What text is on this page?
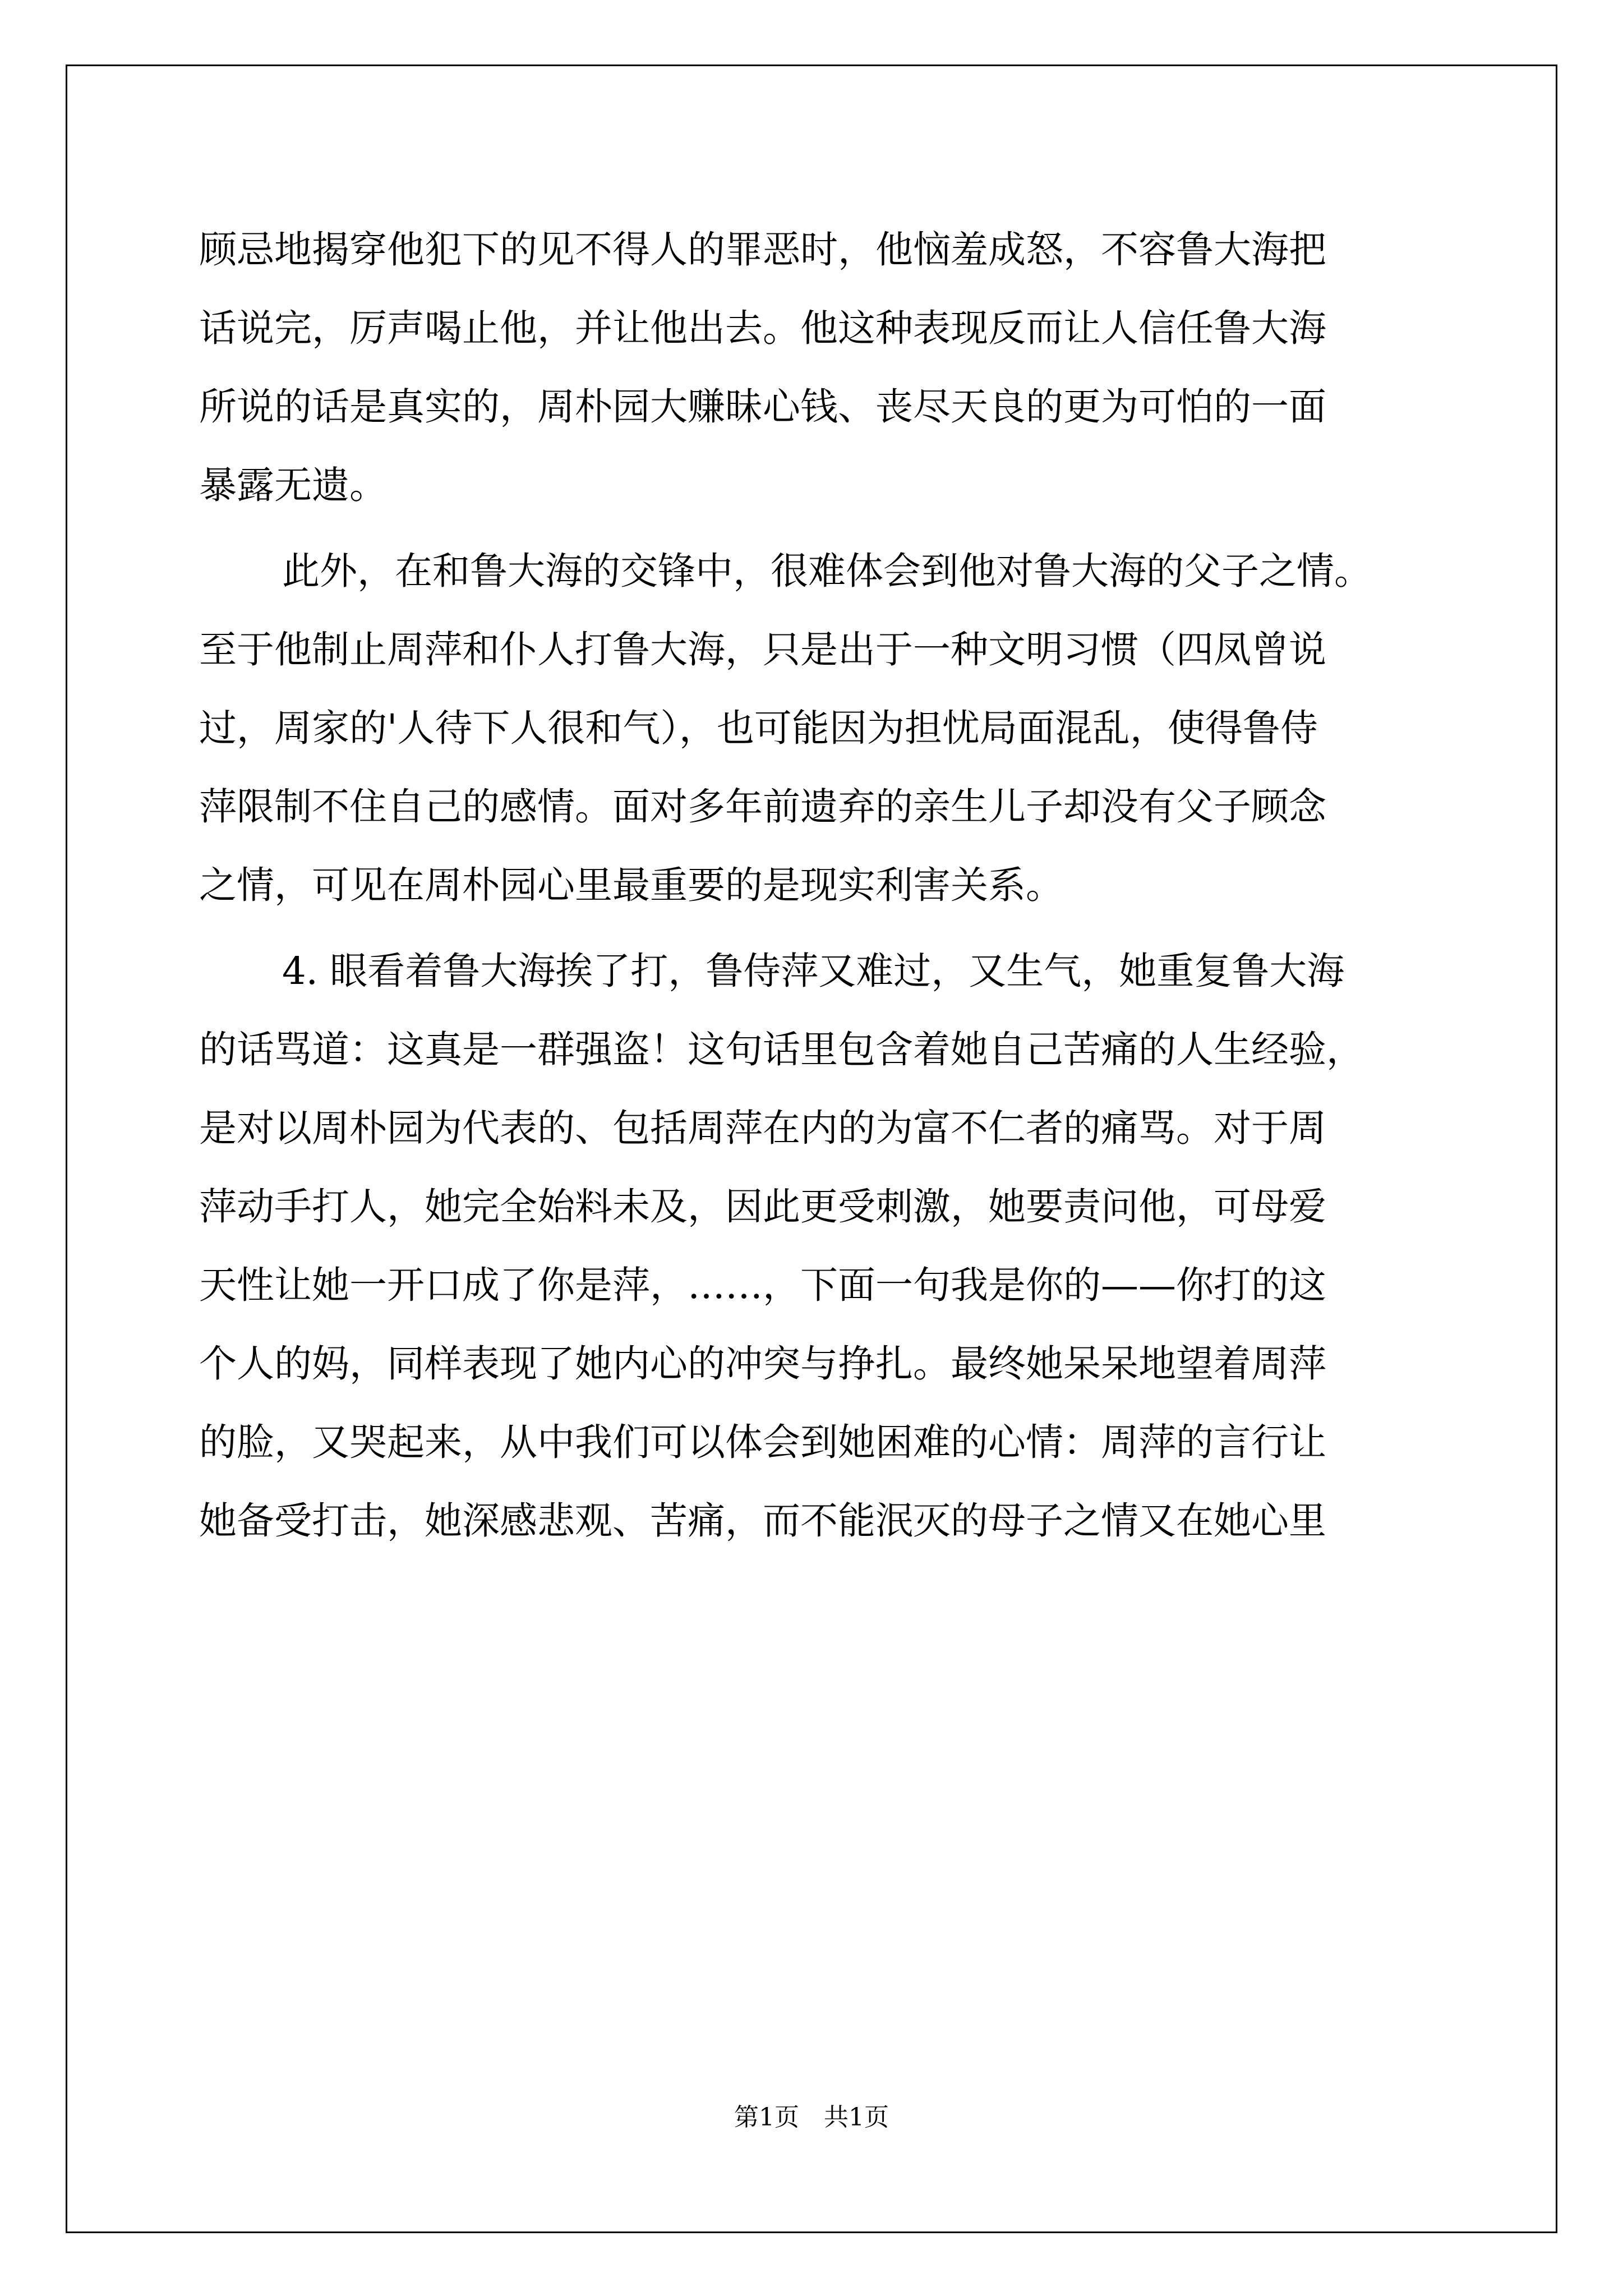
顾忌地揭穿他犯下的见不得人的罪恶时，他恼羞成怒，不容鲁大海把
话说完，厉声喝止他，并让他出去。他这种表现反而让人信任鲁大海
所说的话是真实的，周朴园大赚昧心钱、丧尽天良的更为可怕的一面
暴露无遗。
此外，在和鲁大海的交锋中，很难体会到他对鲁大海的父子之情。
至于他制止周萍和仆人打鲁大海，只是出于一种文明习惯（四凤曾说
过，周家的'人待下人很和气），也可能因为担忧局面混乱，使得鲁侍
萍限制不住自己的感情。面对多年前遗弃的亲生儿子却没有父子顾念
之情，可见在周朴园心里最重要的是现实利害关系。
4. 眼看着鲁大海挨了打，鲁侍萍又难过，又生气，她重复鲁大海
的话骂道：这真是一群强盗！这句话里包含着她自己苦痛的人生经验，
是对以周朴园为代表的、包括周萍在内的为富不仁者的痛骂。对于周
萍动手打人，她完全始料未及，因此更受刺激，她要责问他，可母爱
天性让她一开口成了你是萍，……，下面一句我是你的——你打的这
个人的妈，同样表现了她内心的冲突与挣扎。最终她呆呆地望着周萍
的脸，又哭起来，从中我们可以体会到她困难的心情：周萍的言行让
她备受打击，她深感悲观、苦痛，而不能泯灭的母子之情又在她心里
第1页　共1页
